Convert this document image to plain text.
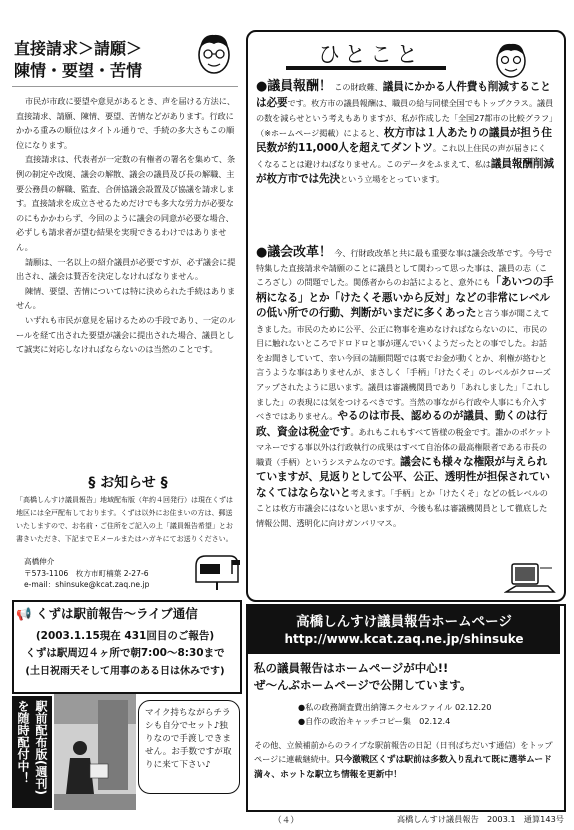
直接請求＞請願＞
陳情・要望・苦情

市民が市政に要望や意見があるとき、声を届ける方法に、直接請求、請願、陳情、要望、苦情などがあります。行政にかかる重みの順位はタイトル通りで、手続の多大さもこの順位になります。

直接請求は、代表者が一定数の有権者の署名を集めて、条例の制定や改廃、議会の解散、議会の議員及び長の解職、主要公務員の解職、監査、合併協議会設置及び協議を請求します。直接請求を成立させるためだけでも多大な労力が必要なのにもかかわらず、今回のように議会の同意が必要な場合、必ずしも請求者が望む結果を実現できるわけではありません。

請願は、一名以上の紹介議員が必要ですが、必ず議会に提出され、議会は賛否を決定しなければなりません。

陳情、要望、苦情については特に決められた手続はありません。

いずれも市民が意見を届けるための手段であり、一定のルールを経て出された要望が議会に提出された場合、議員として誠実に対応しなければならないのは当然のことです。

§ お知らせ §
「高橋しんすけ議員報告」地域配布版（年約４回発行）は現在くずは地区には全戸配布しております。くずは以外にお住まいの方は、郵送いたしますので、お名前・ご住所をご記入の上「議員報告希望」とお書きいただき、下記までＥメールまたはハガキにてお送りください。
高橋伸介
〒573-1106　枚方市町楠葉 2-27-6
e-mail：shinsuke@kcat.zaq.ne.jp
ひとこと
●議員報酬！ この財政難、議員にかかる人件費も削減することは必要です。枚方市の議員報酬は、職員の給与同様全国でもトップクラス。議員の数を減らせという考えもありますが、私が作成した「全国27都市の比較グラフ」（※ホームページ掲載）によると、枚方市は１人あたりの議員が担う住民数が約11,000人を超えてダントツ。これ以上住民の声が届きにくくなることは避けねばなりません。このデータをふまえて、私は議員報酬削減が枚方市では先決という立場をとっています。
●議会改革！ 今、行財政改革と共に最も重要な事は議会改革です。今号で特集した直接請求や請願のことに議員として関わって思った事は、議員の志（こころざし）の問題でした。関係者からのお話によると、意外にも「あいつの手柄になる」とか「けたくそ悪いから反対」などの非常にレベルの低い所での行動、判断がいまだに多くあったと言う事が聞こえてきました。市民のために公平、公正に物事を進めなければならないのに、市民の目に触れないところでドロドロと事が運んでいくようだったとの事でした。お話をお聞きしていて、幸い今回の請願問題では裏でお金が動くとか、利権が絡むと言うような事はありませんが、まさしく「手柄」「けたくそ」のレベルがクローズアップされたように思います。議員は審議機関員であり「あれしました」「これしました」の表現には気をつけるべきです。当然の事ながら行政や人事にも介入すべきではありません。やるのは市長、認めるのが議員、動くのは行政、資金は税金です。あれもこれもすべて皆様の税金です。誰かのポケットマネーでする事以外は行政執行の成果はすべて自治体の最高権限者である市長の職責（手柄）というシステムなのです。議会にも様々な権限が与えられていますが、見返りとして公平、公正、透明性が担保されていなくてはならないと考えます。「手柄」とか「けたくそ」などの低レベルのことは枚方市議会にはないと思いますが、今後も私は審議機関員として徹底した情報公開、透明化に向けガンバリマス。
📢 くずは駅前報告〜ライブ通信
(2003.1.15現在 431回目のご報告)
くずは駅周辺４ヶ所で朝7:00〜8:30まで
(土日祝雨天そして用事のある日は休みです)
を随時配付中！ 駅前配布版(週刊)	マイク持ちながらチラシも自分でセット♪独りなので手渡しできません。お手数ですが取りに来て下さい♪
高橋しんすけ議員報告ホームページ
http://www.kcat.zaq.ne.jp/shinsuke
私の議員報告はホームページが中心!!
ぜ〜んぶホームページで公開しています。
●私の政務調査費出納簿エクセルファイル 02.12.20
●自作の政治キャッチコピー集　02.12.4
その他、立候補前からのライブな駅前報告の日記（日刊ばちだいす通信）をトップページに連載継続中。只今激戦区くずは駅前は多数入り乱れて既に選挙ムード満々、ホットな駅立ち情報を更新中！
（４）	高橋しんすけ議員報告　2003.1　通算143号
